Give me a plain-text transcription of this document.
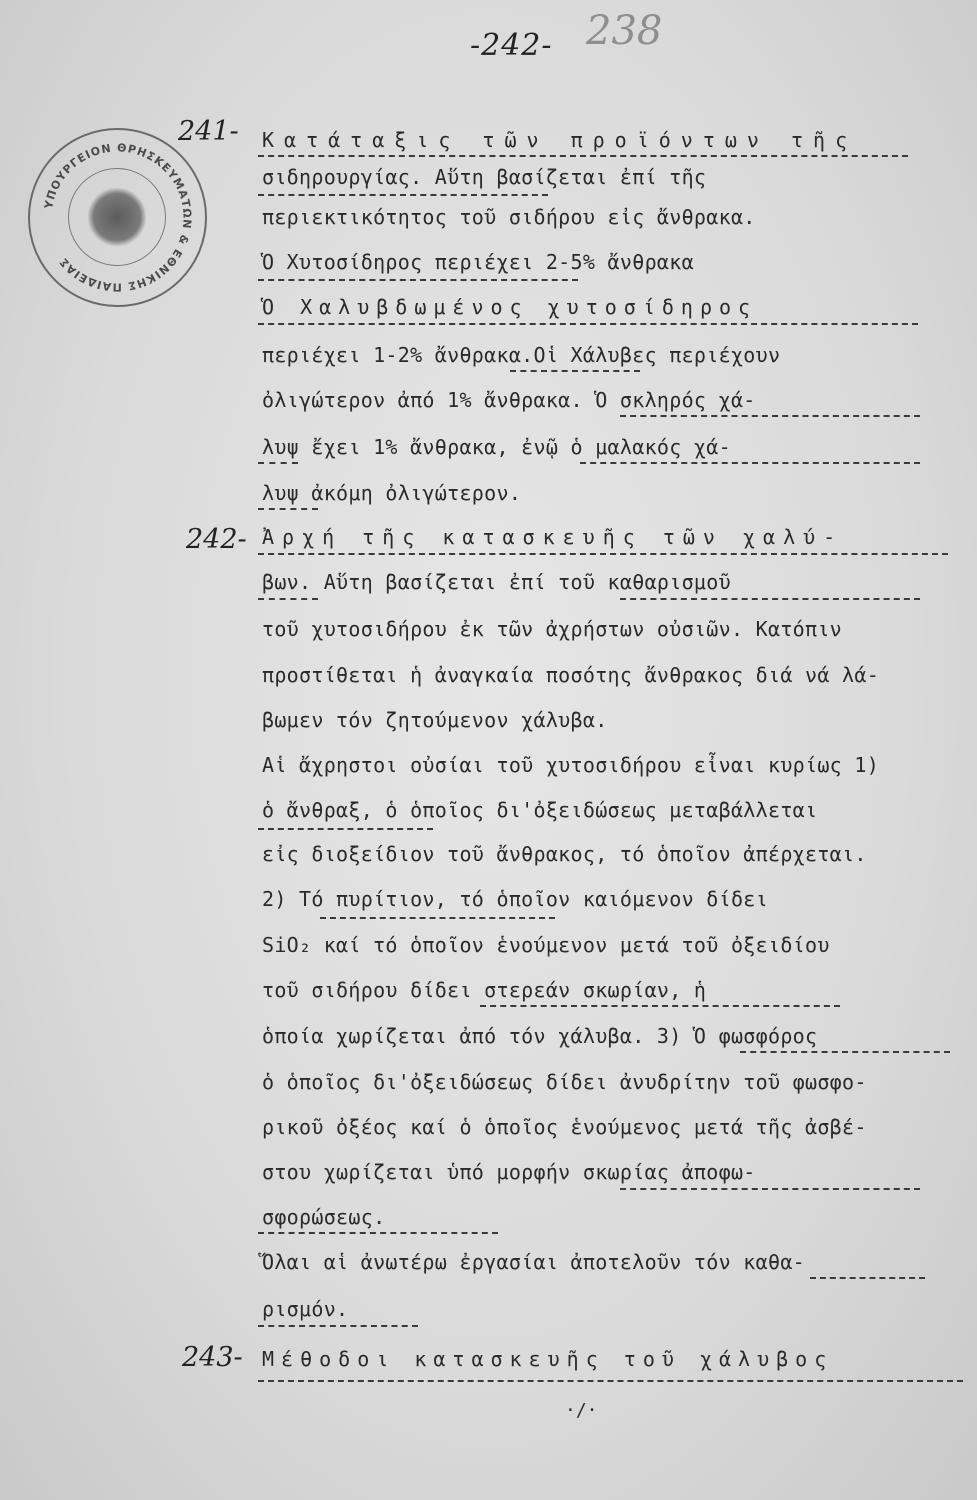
-242- 238
ΥΠΟΥΡΓΕΙΟΝ ΘΡΗΣΚΕΥΜΑΤΩΝ & ΕΘΝΙΚΗΣ ΠΑΙΔΕΙΑΣ
241-
242-
243-
Κατάταξις τῶν προϊόντων τῆς
σιδηρουργίας. Αὕτη βασίζεται ἐπί τῆς
περιεκτικότητος τοῦ σιδήρου εἰς ἄνθρακα.
Ὁ Χυτοσίδηρος περιέχει 2-5% ἄνθρακα
Ὁ Χαλυβδωμένος χυτοσίδηρος
περιέχει 1-2% ἄνθρακα.Οἱ Χάλυβες περιέχουν
ὀλιγώτερον ἀπό 1% ἄνθρακα. Ὁ σκληρός χά-
λυψ ἔχει 1% ἄνθρακα, ἐνῷ ὁ μαλακός χά-
λυψ ἀκόμη ὀλιγώτερον.
Ἀρχή τῆς κατασκευῆς τῶν χαλύ-
βων. Αὕτη βασίζεται ἐπί τοῦ καθαρισμοῦ
τοῦ χυτοσιδήρου ἐκ τῶν ἀχρήστων οὐσιῶν. Κατόπιν
προστίθεται ἡ ἀναγκαία ποσότης ἄνθρακος διά νά λά-
βωμεν τόν ζητούμενον χάλυβα.
Αἱ ἄχρηστοι οὐσίαι τοῦ χυτοσιδήρου εἶναι κυρίως 1)
ὁ ἄνθραξ, ὁ ὁποῖος δι'ὀξειδώσεως μεταβάλλεται
εἰς διοξείδιον τοῦ ἄνθρακος, τό ὁποῖον ἀπέρχεται.
2) Τό πυρίτιον, τό ὁποῖον καιόμενον δίδει
SiO₂ καί τό ὁποῖον ἑνούμενον μετά τοῦ ὀξειδίου
τοῦ σιδήρου δίδει στερεάν σκωρίαν, ἡ
ὁποία χωρίζεται ἀπό τόν χάλυβα. 3) Ὁ φωσφόρος
ὁ ὁποῖος δι'ὀξειδώσεως δίδει ἀνυδρίτην τοῦ φωσφο-
ρικοῦ ὀξέος καί ὁ ὁποῖος ἑνούμενος μετά τῆς ἀσβέ-
στου χωρίζεται ὑπό μορφήν σκωρίας ἀποφω-
σφορώσεως.
Ὅλαι αἱ ἀνωτέρω ἐργασίαι ἀποτελοῦν τόν καθα-
ρισμόν.
Μέθοδοι κατασκευῆς τοῦ χάλυβος
·/·
